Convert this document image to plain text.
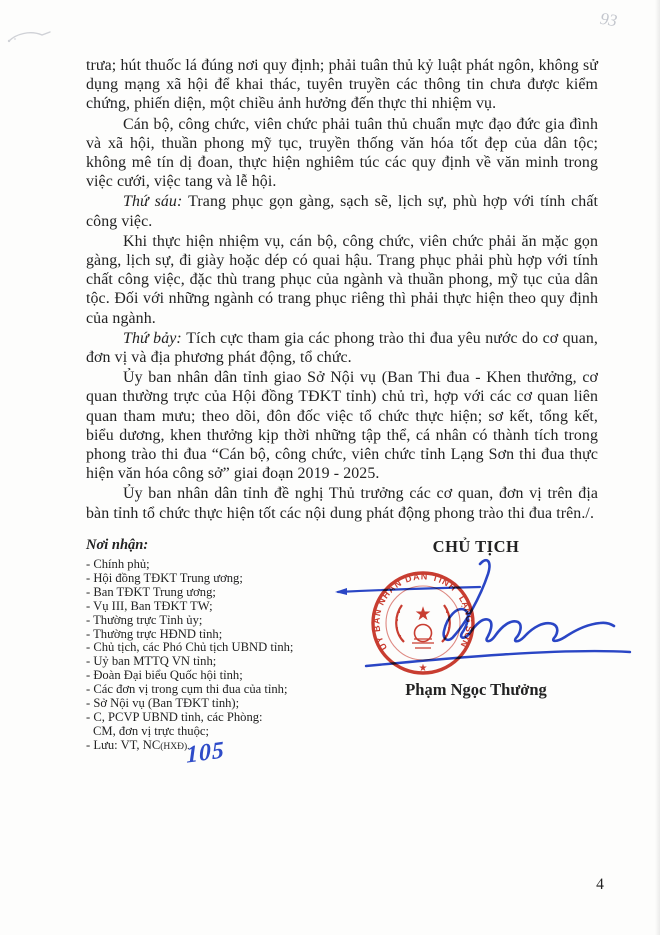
93

trưa; hút thuốc lá đúng nơi quy định; phải tuân thủ kỷ luật phát ngôn, không sử dụng mạng xã hội để khai thác, tuyên truyền các thông tin chưa được kiểm chứng, phiến diện, một chiều ảnh hưởng đến thực thi nhiệm vụ.

Cán bộ, công chức, viên chức phải tuân thủ chuẩn mực đạo đức gia đình và xã hội, thuần phong mỹ tục, truyền thống văn hóa tốt đẹp của dân tộc; không mê tín dị đoan, thực hiện nghiêm túc các quy định về văn minh trong việc cưới, việc tang và lễ hội.

Thứ sáu: Trang phục gọn gàng, sạch sẽ, lịch sự, phù hợp với tính chất công việc.

Khi thực hiện nhiệm vụ, cán bộ, công chức, viên chức phải ăn mặc gọn gàng, lịch sự, đi giày hoặc dép có quai hậu. Trang phục phải phù hợp với tính chất công việc, đặc thù trang phục của ngành và thuần phong, mỹ tục của dân tộc. Đối với những ngành có trang phục riêng thì phải thực hiện theo quy định của ngành.

Thứ bảy: Tích cực tham gia các phong trào thi đua yêu nước do cơ quan, đơn vị và địa phương phát động, tổ chức.

Ủy ban nhân dân tỉnh giao Sở Nội vụ (Ban Thi đua - Khen thưởng, cơ quan thường trực của Hội đồng TĐKT tỉnh) chủ trì, hợp với các cơ quan liên quan tham mưu; theo dõi, đôn đốc việc tổ chức thực hiện; sơ kết, tổng kết, biểu dương, khen thưởng kịp thời những tập thể, cá nhân có thành tích trong phong trào thi đua “Cán bộ, công chức, viên chức tỉnh Lạng Sơn thi đua thực hiện văn hóa công sở” giai đoạn 2019 - 2025.

Ủy ban nhân dân tỉnh đề nghị Thủ trưởng các cơ quan, đơn vị trên địa bàn tỉnh tổ chức thực hiện tốt các nội dung phát động phong trào thi đua trên./.

Nơi nhận:
- Chính phủ;
- Hội đồng TĐKT Trung ương;
- Ban TĐKT Trung ương;
- Vụ III, Ban TĐKT TW;
- Thường trực Tỉnh ủy;
- Thường trực HĐND tỉnh;
- Chủ tịch, các Phó Chủ tịch UBND tỉnh;
- Uỷ ban MTTQ VN tỉnh;
- Đoàn Đại biểu Quốc hội tỉnh;
- Các đơn vị trong cụm thi đua của tỉnh;
- Sở Nội vụ (Ban TĐKT tỉnh);
- C, PCVP UBND tỉnh, các Phòng:
CM, đơn vị trực thuộc;
- Lưu: VT, NC(HXĐ).
105
CHỦ TỊCH
ỦY BAN NHÂN DÂN TỈNH
LẠNG SƠN
★
★
Phạm Ngọc Thưởng
4
